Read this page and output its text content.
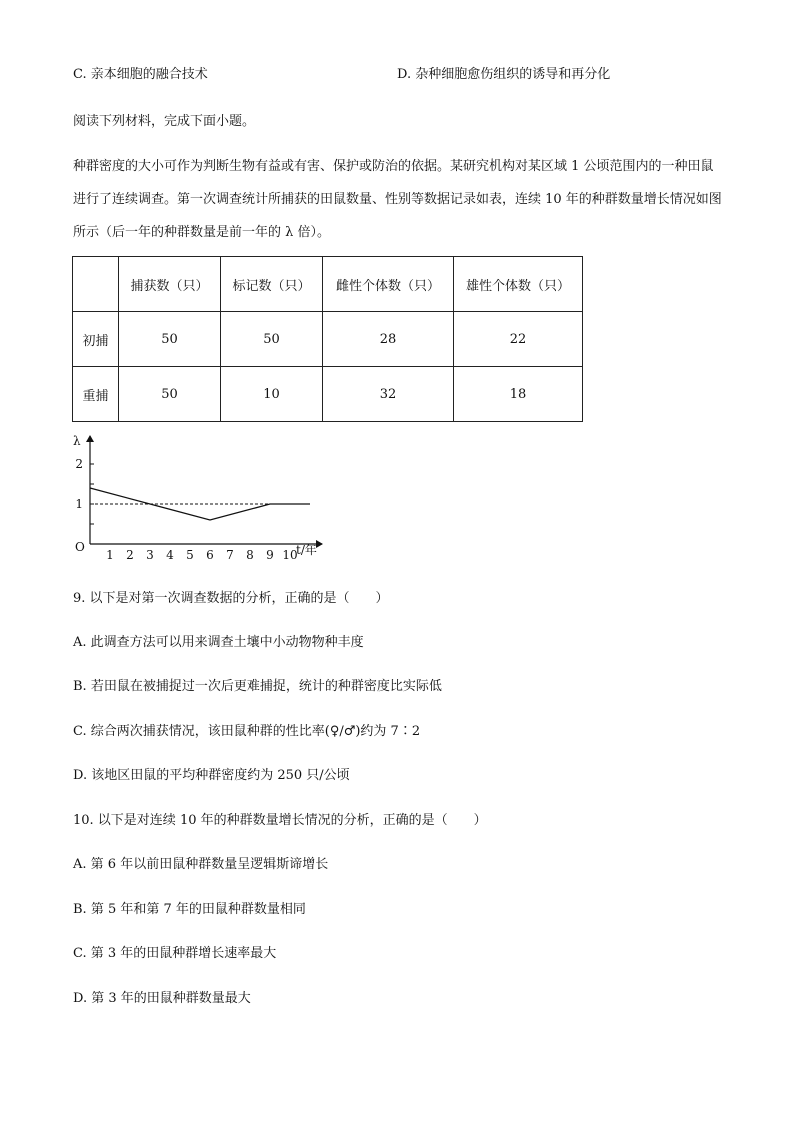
C. 亲本细胞的融合技术	D. 杂种细胞愈伤组织的诱导和再分化
阅读下列材料，完成下面小题。
种群密度的大小可作为判断生物有益或有害、保护或防治的依据。某研究机构对某区域 1 公顷范围内的一种田鼠进行了连续调查。第一次调查统计所捕获的田鼠数量、性别等数据记录如表，连续 10 年的种群数量增长情况如图所示（后一年的种群数量是前一年的 λ 倍）。
	捕获数（只）	标记数（只）	雌性个体数（只）	雄性个体数（只）
初捕	50	50	28	22
重捕	50	10	32	18
1
2
1 2 3 4 5 6 7 8 9 10
λ
O	t/年
9. 以下是对第一次调查数据的分析，正确的是（　　）
A. 此调查方法可以用来调查土壤中小动物物种丰度
B. 若田鼠在被捕捉过一次后更难捕捉，统计的种群密度比实际低
C. 综合两次捕获情况，该田鼠种群的性比率(♀/♂)约为 7∶2
D. 该地区田鼠的平均种群密度约为 250 只/公顷
10. 以下是对连续 10 年的种群数量增长情况的分析，正确的是（　　）
A. 第 6 年以前田鼠种群数量呈逻辑斯谛增长
B. 第 5 年和第 7 年的田鼠种群数量相同
C. 第 3 年的田鼠种群增长速率最大
D. 第 3 年的田鼠种群数量最大
